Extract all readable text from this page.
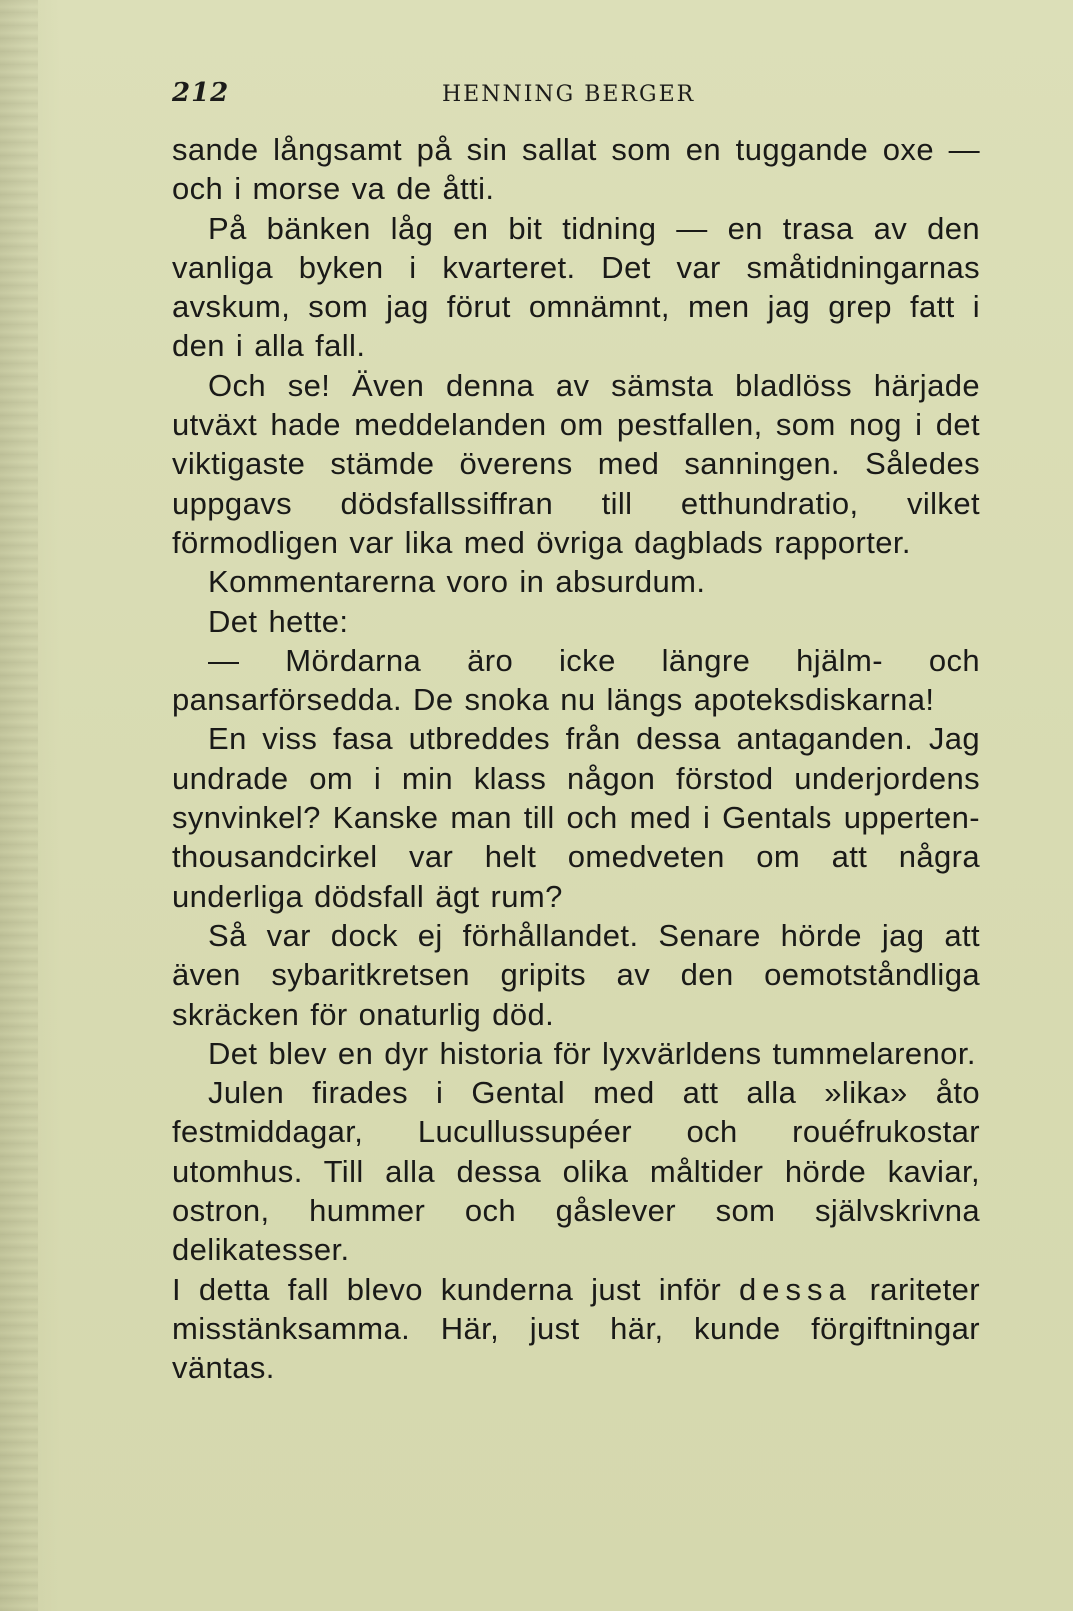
212	HENNING BERGER

sande långsamt på sin sallat som en tuggande oxe — och i morse va de åtti.

På bänken låg en bit tidning — en trasa av den vanliga byken i kvarteret. Det var småtidningarnas avskum, som jag förut omnämnt, men jag grep fatt i den i alla fall.

Och se! Även denna av sämsta bladlöss härjade utväxt hade meddelanden om pestfallen, som nog i det viktigaste stämde överens med sanningen. Således uppgavs dödsfallssiffran till etthundratio, vilket förmodligen var lika med övriga dagblads rapporter.

Kommentarerna voro in absurdum.

Det hette:

— Mördarna äro icke längre hjälm- och pansarförsedda. De snoka nu längs apoteksdiskarna!

En viss fasa utbreddes från dessa antaganden. Jag undrade om i min klass någon förstod underjordens synvinkel? Kanske man till och med i Gentals upperten-thousandcirkel var helt omedveten om att några underliga dödsfall ägt rum?

Så var dock ej förhållandet. Senare hörde jag att även sybaritkretsen gripits av den oemotståndliga skräcken för onaturlig död.

Det blev en dyr historia för lyxvärldens tummelarenor.

Julen firades i Gental med att alla »lika» åto festmiddagar, Lucullussupéer och rouéfrukostar utomhus. Till alla dessa olika måltider hörde kaviar, ostron, hummer och gåslever som självskrivna delikatesser.

I detta fall blevo kunderna just inför dessa rariteter misstänksamma. Här, just här, kunde förgiftningar väntas.
